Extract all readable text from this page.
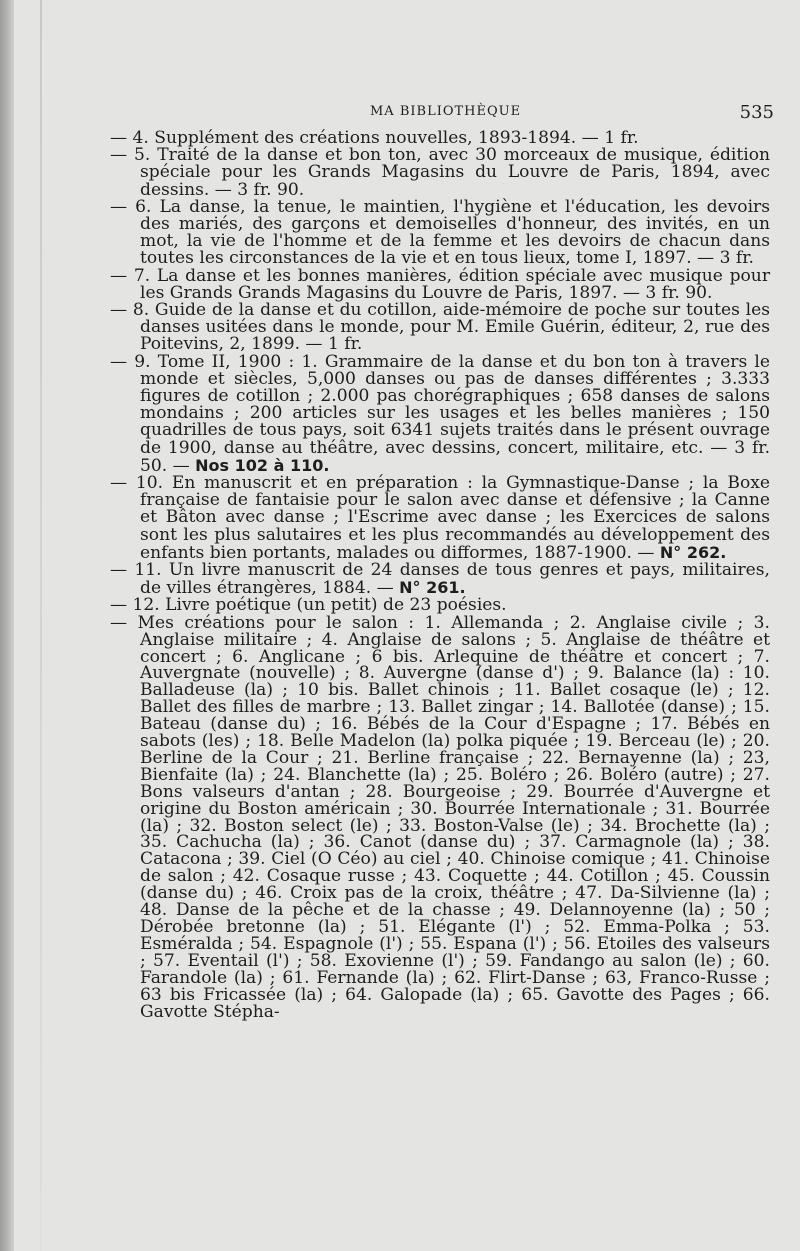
MA BIBLIOTHÈQUE	535

— 4. Supplément des créations nouvelles, 1893-1894. — 1 fr.

— 5. Traité de la danse et bon ton, avec 30 morceaux de musique, édition spéciale pour les Grands Magasins du Louvre de Paris, 1894, avec dessins. — 3 fr. 90.

— 6. La danse, la tenue, le maintien, l'hygiène et l'éducation, les devoirs des mariés, des garçons et demoiselles d'honneur, des invités, en un mot, la vie de l'homme et de la femme et les devoirs de chacun dans toutes les circonstances de la vie et en tous lieux, tome I, 1897. — 3 fr.

— 7. La danse et les bonnes manières, édition spéciale avec musique pour les Grands Grands Magasins du Louvre de Paris, 1897. — 3 fr. 90.

— 8. Guide de la danse et du cotillon, aide-mémoire de poche sur toutes les danses usitées dans le monde, pour M. Emile Guérin, éditeur, 2, rue des Poitevins, 2, 1899. — 1 fr.

— 9. Tome II, 1900 : 1. Grammaire de la danse et du bon ton à travers le monde et siècles, 5,000 danses ou pas de danses différentes ; 3.333 figures de cotillon ; 2.000 pas chorégraphiques ; 658 danses de salons mondains ; 200 articles sur les usages et les belles manières ; 150 quadrilles de tous pays, soit 6341 sujets traités dans le présent ouvrage de 1900, danse au théâtre, avec dessins, concert, militaire, etc. — 3 fr. 50. — Nos 102 à 110.

— 10. En manuscrit et en préparation : la Gymnastique-Danse ; la Boxe française de fantaisie pour le salon avec danse et défensive ; la Canne et Bâton avec danse ; l'Escrime avec danse ; les Exercices de salons sont les plus salutaires et les plus recommandés au développement des enfants bien portants, malades ou difformes, 1887-1900. — N° 262.

— 11. Un livre manuscrit de 24 danses de tous genres et pays, militaires, de villes étrangères, 1884. — N° 261.

— 12. Livre poétique (un petit) de 23 poésies.

— Mes créations pour le salon : 1. Allemanda ; 2. Anglaise civile ; 3. Anglaise militaire ; 4. Anglaise de salons ; 5. Anglaise de théâtre et concert ; 6. Anglicane ; 6 bis. Arlequine de théâtre et concert ; 7. Auvergnate (nouvelle) ; 8. Auvergne (danse d') ; 9. Balance (la) : 10. Balladeuse (la) ; 10 bis. Ballet chinois ; 11. Ballet cosaque (le) ; 12. Ballet des filles de marbre ; 13. Ballet zingar ; 14. Ballotée (danse) ; 15. Bateau (danse du) ; 16. Bébés de la Cour d'Espagne ; 17. Bébés en sabots (les) ; 18. Belle Madelon (la) polka piquée ; 19. Berceau (le) ; 20. Berline de la Cour ; 21. Berline française ; 22. Bernayenne (la) ; 23, Bienfaite (la) ; 24. Blanchette (la) ; 25. Boléro ; 26. Boléro (autre) ; 27. Bons valseurs d'antan ; 28. Bourgeoise ; 29. Bourrée d'Auvergne et origine du Boston américain ; 30. Bourrée Internationale ; 31. Bourrée (la) ; 32. Boston select (le) ; 33. Boston-Valse (le) ; 34. Brochette (la) ; 35. Cachucha (la) ; 36. Canot (danse du) ; 37. Carmagnole (la) ; 38. Catacona ; 39. Ciel (O Céo) au ciel ; 40. Chinoise comique ; 41. Chinoise de salon ; 42. Cosaque russe ; 43. Coquette ; 44. Cotillon ; 45. Coussin (danse du) ; 46. Croix pas de la croix, théâtre ; 47. Da-Silvienne (la) ; 48. Danse de la pêche et de la chasse ; 49. Delannoyenne (la) ; 50 ; Dérobée bretonne (la) ; 51. Elégante (l') ; 52. Emma-Polka ; 53. Esméralda ; 54. Espagnole (l') ; 55. Espana (l') ; 56. Etoiles des valseurs ; 57. Eventail (l') ; 58. Exovienne (l') ; 59. Fandango au salon (le) ; 60. Farandole (la) ; 61. Fernande (la) ; 62. Flirt-Danse ; 63, Franco-Russe ; 63 bis Fricassée (la) ; 64. Galopade (la) ; 65. Gavotte des Pages ; 66. Gavotte Stépha-
